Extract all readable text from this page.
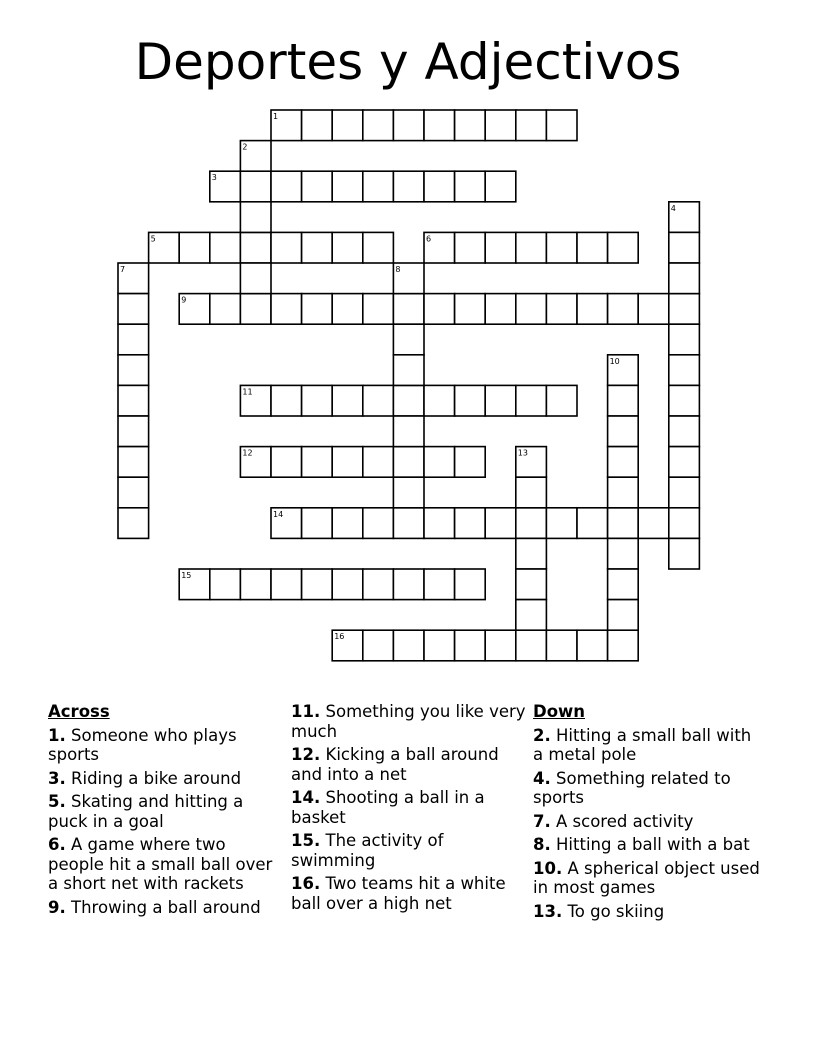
Deportes y Adjectivos
1
3
5	6
9
11
12
14
15
16
2
4
7	8
10
13
Across
1. Someone who plays sports
3. Riding a bike around
5. Skating and hitting a puck in a goal
6. A game where two people hit a small ball over a short net with rackets
9. Throwing a ball around
11. Something you like very much
12. Kicking a ball around and into a net
14. Shooting a ball in a basket
15. The activity of swimming
16. Two teams hit a white ball over a high net
Down
2. Hitting a small ball with a metal pole
4. Something related to sports
7. A scored activity
8. Hitting a ball with a bat
10. A spherical object used in most games
13. To go skiing
